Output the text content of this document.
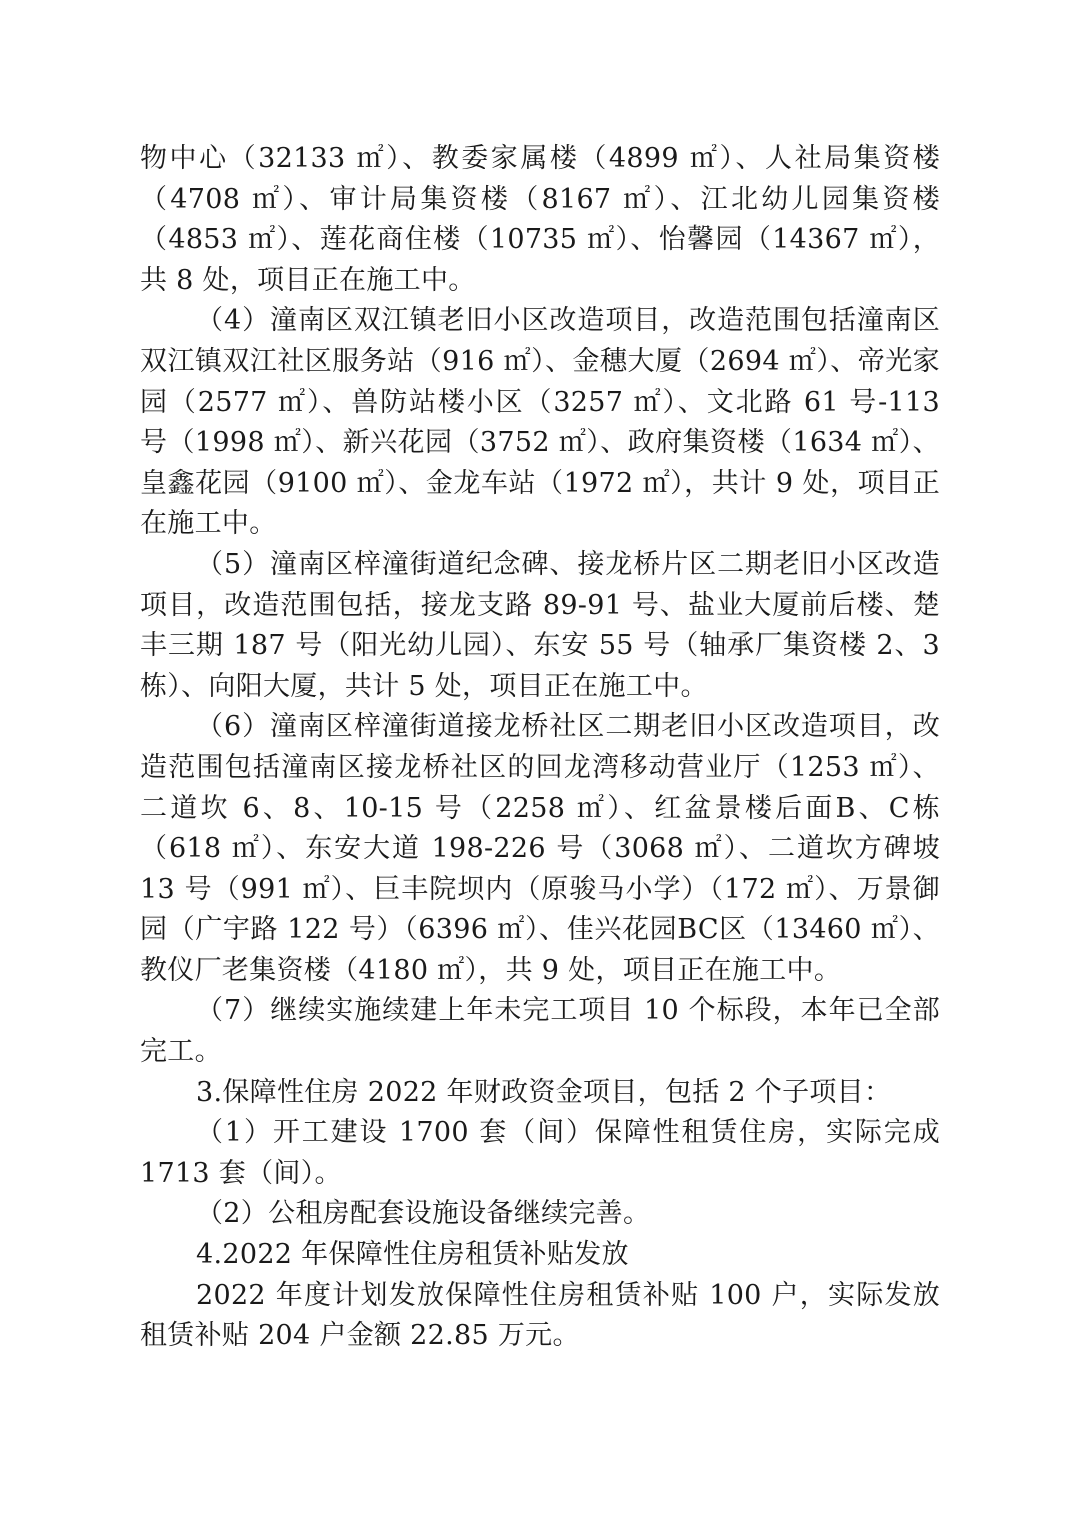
物中心（32133 ㎡）、教委家属楼（4899 ㎡）、人社局集资楼（4708 ㎡）、审计局集资楼（8167 ㎡）、江北幼儿园集资楼（4853 ㎡）、莲花商住楼（10735 ㎡）、怡馨园（14367 ㎡），共 8 处，项目正在施工中。

（4）潼南区双江镇老旧小区改造项目，改造范围包括潼南区双江镇双江社区服务站（916 ㎡）、金穗大厦（2694 ㎡）、帝光家园（2577 ㎡）、兽防站楼小区（3257 ㎡）、文北路 61 号-113 号（1998 ㎡）、新兴花园（3752 ㎡）、政府集资楼（1634 ㎡）、皇鑫花园（9100 ㎡）、金龙车站（1972 ㎡），共计 9 处，项目正在施工中。

（5）潼南区梓潼街道纪念碑、接龙桥片区二期老旧小区改造项目，改造范围包括，接龙支路 89-91 号、盐业大厦前后楼、楚丰三期 187 号（阳光幼儿园）、东安 55 号（轴承厂集资楼 2、3 栋）、向阳大厦，共计 5 处，项目正在施工中。

（6）潼南区梓潼街道接龙桥社区二期老旧小区改造项目，改造范围包括潼南区接龙桥社区的回龙湾移动营业厅（1253 ㎡）、二道坎 6、8、10-15 号（2258 ㎡）、红盆景楼后面B、C栋（618 ㎡）、东安大道 198-226 号（3068 ㎡）、二道坎方碑坡 13 号（991 ㎡）、巨丰院坝内（原骏马小学）（172 ㎡）、万景御园（广宇路 122 号）（6396 ㎡）、佳兴花园BC区（13460 ㎡）、教仪厂老集资楼（4180 ㎡），共 9 处，项目正在施工中。

（7）继续实施续建上年未完工项目 10 个标段，本年已全部完工。

3.保障性住房 2022 年财政资金项目，包括 2 个子项目：

（1）开工建设 1700 套（间）保障性租赁住房，实际完成 1713 套（间）。

（2）公租房配套设施设备继续完善。

4.2022 年保障性住房租赁补贴发放

2022 年度计划发放保障性住房租赁补贴 100 户，实际发放租赁补贴 204 户金额 22.85 万元。
